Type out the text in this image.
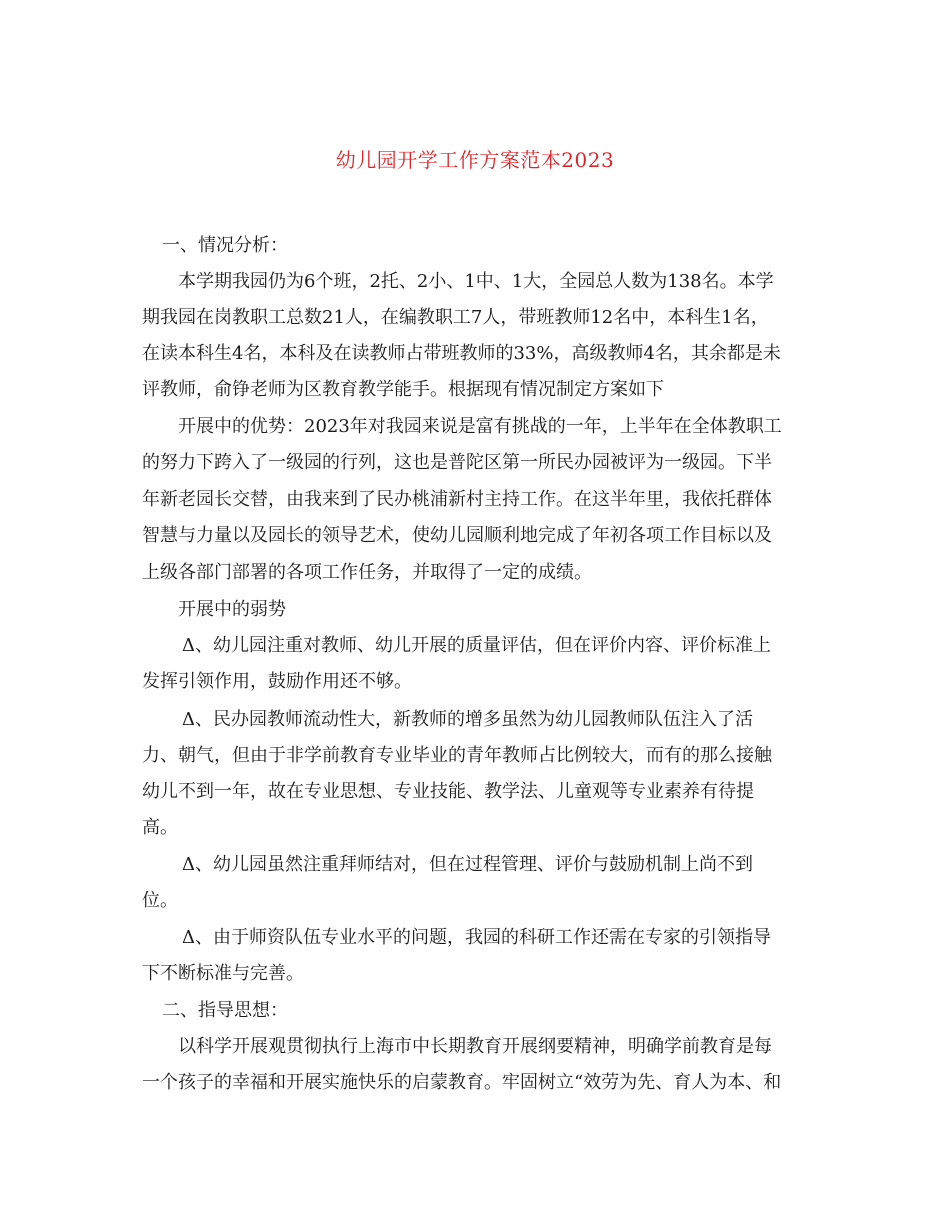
幼儿园开学工作方案范本2023
一、情况分析：
本学期我园仍为6个班，2托、2小、1中、1大，全园总人数为138名。本学
期我园在岗教职工总数21人，在编教职工7人，带班教师12名中，本科生1名，
在读本科生4名，本科及在读教师占带班教师的33%，高级教师4名，其余都是未
评教师，俞铮老师为区教育教学能手。根据现有情况制定方案如下
开展中的优势：2023年对我园来说是富有挑战的一年，上半年在全体教职工
的努力下跨入了一级园的行列，这也是普陀区第一所民办园被评为一级园。下半
年新老园长交替，由我来到了民办桃浦新村主持工作。在这半年里，我依托群体
智慧与力量以及园长的领导艺术，使幼儿园顺利地完成了年初各项工作目标以及
上级各部门部署的各项工作任务，并取得了一定的成绩。
开展中的弱势
Δ、幼儿园注重对教师、幼儿开展的质量评估，但在评价内容、评价标准上
发挥引领作用，鼓励作用还不够。
Δ、民办园教师流动性大，新教师的增多虽然为幼儿园教师队伍注入了活
力、朝气，但由于非学前教育专业毕业的青年教师占比例较大，而有的那么接触
幼儿不到一年，故在专业思想、专业技能、教学法、儿童观等专业素养有待提
高。
Δ、幼儿园虽然注重拜师结对，但在过程管理、评价与鼓励机制上尚不到
位。
Δ、由于师资队伍专业水平的问题，我园的科研工作还需在专家的引领指导
下不断标准与完善。
二、指导思想：
以科学开展观贯彻执行上海市中长期教育开展纲要精神，明确学前教育是每
一个孩子的幸福和开展实施快乐的启蒙教育。牢固树立“效劳为先、育人为本、和
